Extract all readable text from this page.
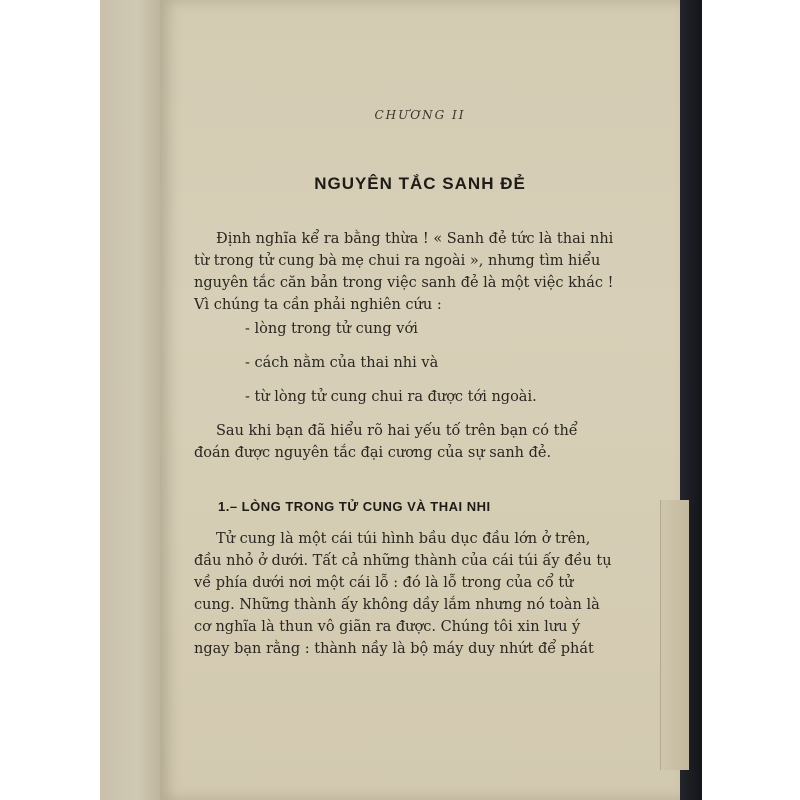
CHƯƠNG II
NGUYÊN TẮC SANH ĐẺ
Định nghĩa kể ra bằng thừa ! « Sanh đẻ tức là thai nhi
từ trong tử cung bà mẹ chui ra ngoài », nhưng tìm hiểu
nguyên tắc căn bản trong việc sanh đẻ là một việc khác !
Vì chúng ta cần phải nghiên cứu :
- lòng trong tử cung với
- cách nằm của thai nhi và
- từ lòng tử cung chui ra được tới ngoài.
Sau khi bạn đã hiểu rõ hai yếu tố trên bạn có thể
đoán được nguyên tắc đại cương của sự sanh đẻ.
1.– LÒNG TRONG TỬ CUNG VÀ THAI NHI
Tử cung là một cái túi hình bầu dục đầu lớn ở trên,
đầu nhỏ ở dưới. Tất cả những thành của cái túi ấy đều tụ
về phía dưới nơi một cái lỗ : đó là lỗ trong của cổ tử
cung. Những thành ấy không dầy lắm nhưng nó toàn là
cơ nghĩa là thun vô giãn ra được. Chúng tôi xin lưu ý
ngay bạn rằng : thành nầy là bộ máy duy nhứt để phát
